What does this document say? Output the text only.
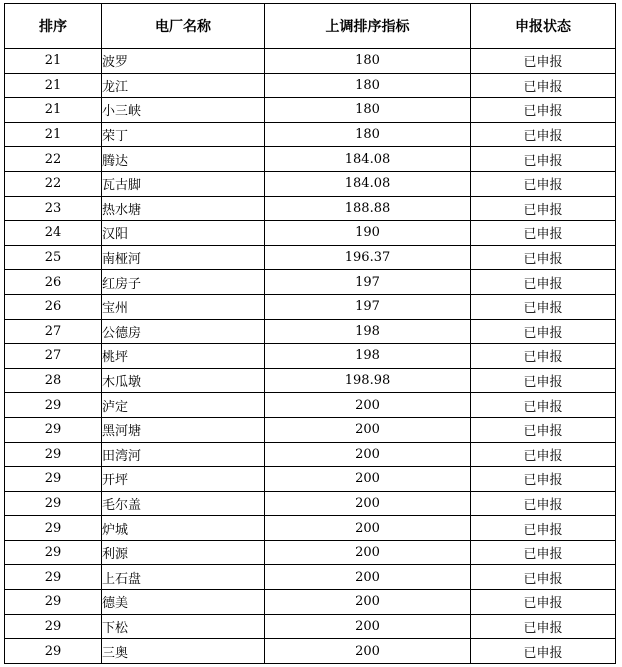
排序	电厂名称	上调排序指标	申报状态
21	波罗	180	已申报
21	龙江	180	已申报
21	小三峡	180	已申报
21	荣丁	180	已申报
22	腾达	184.08	已申报
22	瓦古脚	184.08	已申报
23	热水塘	188.88	已申报
24	汉阳	190	已申报
25	南桠河	196.37	已申报
26	红房子	197	已申报
26	宝州	197	已申报
27	公德房	198	已申报
27	桃坪	198	已申报
28	木瓜墩	198.98	已申报
29	泸定	200	已申报
29	黑河塘	200	已申报
29	田湾河	200	已申报
29	开坪	200	已申报
29	毛尔盖	200	已申报
29	炉城	200	已申报
29	利源	200	已申报
29	上石盘	200	已申报
29	德美	200	已申报
29	下松	200	已申报
29	三奥	200	已申报
